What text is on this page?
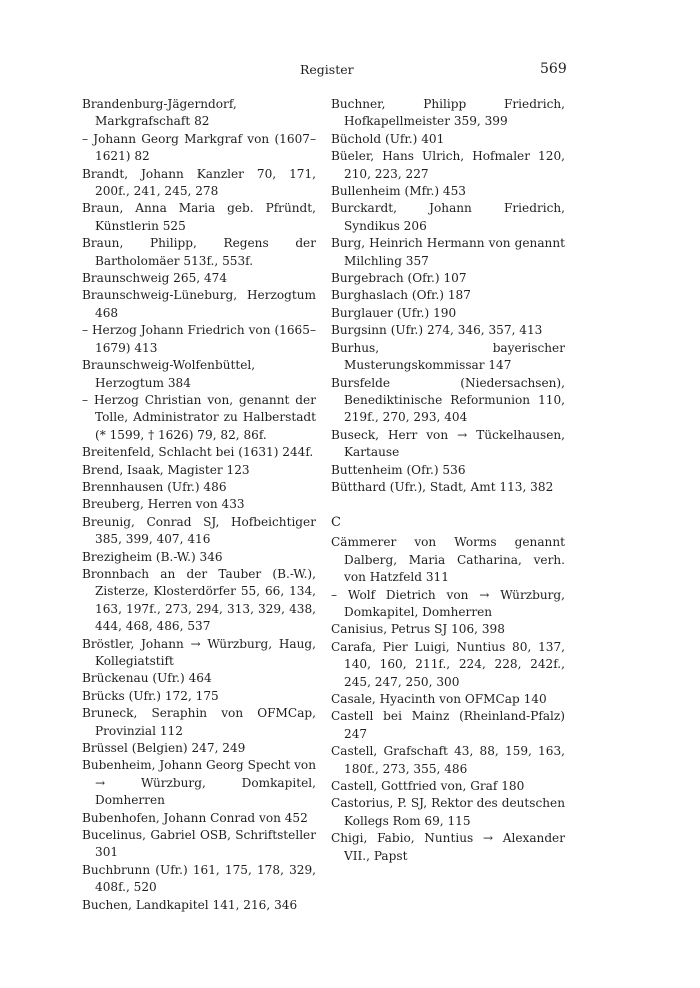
Register	569
Brandenburg-Jägerndorf, Markgrafschaft 82
– Johann Georg Markgraf von (1607–1621) 82
Brandt, Johann Kanzler 70, 171, 200f., 241, 245, 278
Braun, Anna Maria geb. Pfründt, Künstlerin 525
Braun, Philipp, Regens der Bartholomäer 513f., 553f.
Braunschweig 265, 474
Braunschweig-Lüneburg, Herzogtum 468
– Herzog Johann Friedrich von (1665–1679) 413
Braunschweig-Wolfenbüttel, Herzogtum 384
– Herzog Christian von, genannt der Tolle, Administrator zu Halberstadt (* 1599, † 1626) 79, 82, 86f.
Breitenfeld, Schlacht bei (1631) 244f.
Brend, Isaak, Magister 123
Brennhausen (Ufr.) 486
Breuberg, Herren von 433
Breunig, Conrad SJ, Hofbeichtiger 385, 399, 407, 416
Brezigheim (B.-W.) 346
Bronnbach an der Tauber (B.-W.), Zisterze, Klosterdörfer 55, 66, 134, 163, 197f., 273, 294, 313, 329, 438, 444, 468, 486, 537
Bröstler, Johann → Würzburg, Haug, Kollegiatstift
Brückenau (Ufr.) 464
Brücks (Ufr.) 172, 175
Bruneck, Seraphin von OFMCap, Provinzial 112
Brüssel (Belgien) 247, 249
Bubenheim, Johann Georg Specht von → Würzburg, Domkapitel, Domherren
Bubenhofen, Johann Conrad von 452
Bucelinus, Gabriel OSB, Schriftsteller 301
Buchbrunn (Ufr.) 161, 175, 178, 329, 408f., 520
Buchen, Landkapitel 141, 216, 346
Buchner, Philipp Friedrich, Hofkapellmeister 359, 399
Büchold (Ufr.) 401
Büeler, Hans Ulrich, Hofmaler 120, 210, 223, 227
Bullenheim (Mfr.) 453
Burckardt, Johann Friedrich, Syndikus 206
Burg, Heinrich Hermann von genannt Milchling 357
Burgebrach (Ofr.) 107
Burghaslach (Ofr.) 187
Burglauer (Ufr.) 190
Burgsinn (Ufr.) 274, 346, 357, 413
Burhus, bayerischer Musterungskommissar 147
Bursfelde (Niedersachsen), Benediktinische Reformunion 110, 219f., 270, 293, 404
Buseck, Herr von → Tückelhausen, Kartause
Buttenheim (Ofr.) 536
Bütthard (Ufr.), Stadt, Amt 113, 382
C
Cämmerer von Worms genannt Dalberg, Maria Catharina, verh. von Hatzfeld 311
– Wolf Dietrich von → Würzburg, Domkapitel, Domherren
Canisius, Petrus SJ 106, 398
Carafa, Pier Luigi, Nuntius 80, 137, 140, 160, 211f., 224, 228, 242f., 245, 247, 250, 300
Casale, Hyacinth von OFMCap 140
Castell bei Mainz (Rheinland-Pfalz) 247
Castell, Grafschaft 43, 88, 159, 163, 180f., 273, 355, 486
Castell, Gottfried von, Graf 180
Castorius, P. SJ, Rektor des deutschen Kollegs Rom 69, 115
Chigi, Fabio, Nuntius → Alexander VII., Papst
